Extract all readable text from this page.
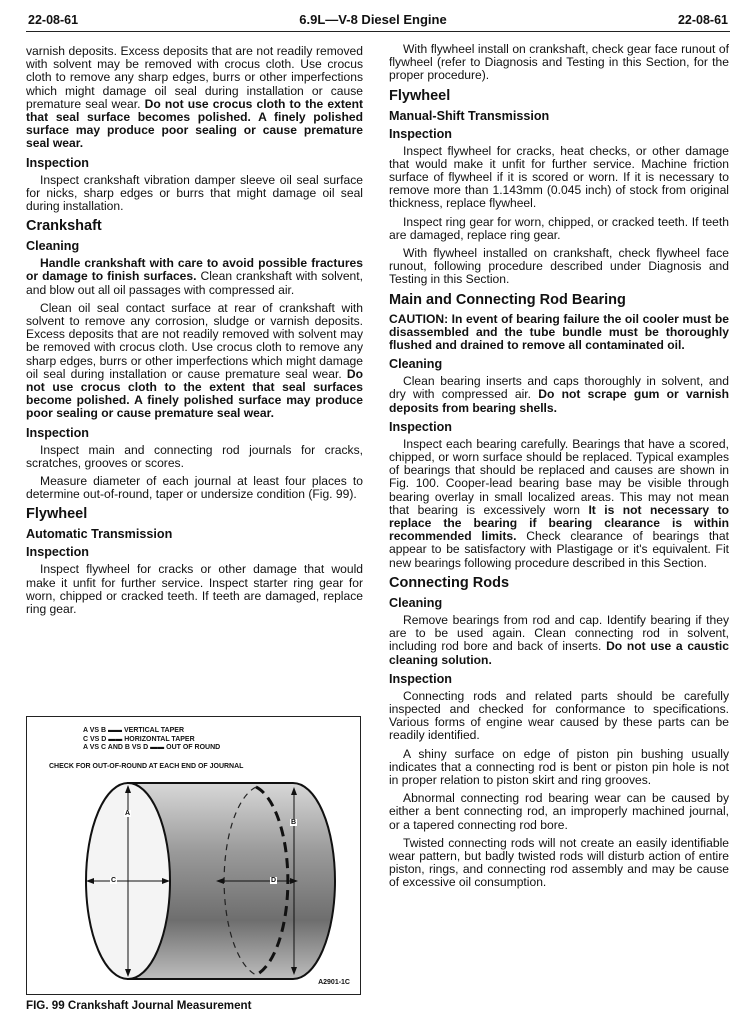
22-08-61	6.9L—V-8 Diesel Engine	22-08-61

varnish deposits. Excess deposits that are not readily removed with solvent may be removed with crocus cloth. Use crocus cloth to remove any sharp edges, burrs or other imperfections which might damage oil seal during installation or cause premature seal wear. Do not use crocus cloth to the extent that seal surface becomes polished. A finely polished surface may produce poor sealing or cause premature seal wear.

Inspection

Inspect crankshaft vibration damper sleeve oil seal surface for nicks, sharp edges or burrs that might damage oil seal during installation.

Crankshaft
Cleaning

Handle crankshaft with care to avoid possible fractures or damage to finish surfaces. Clean crankshaft with solvent, and blow out all oil passages with compressed air.

Clean oil seal contact surface at rear of crankshaft with solvent to remove any corrosion, sludge or varnish deposits. Excess deposits that are not readily removed with solvent may be removed with crocus cloth. Use crocus cloth to remove any sharp edges, burrs or other imperfections which might damage oil seal during installation or cause premature seal wear. Do not use crocus cloth to the extent that seal surfaces become polished. A finely polished surface may produce poor sealing or cause premature seal wear.

Inspection

Inspect main and connecting rod journals for cracks, scratches, grooves or scores.

Measure diameter of each journal at least four places to determine out-of-round, taper or undersize condition (Fig. 99).

Flywheel
Automatic Transmission
Inspection

Inspect flywheel for cracks or other damage that would make it unfit for further service. Inspect starter ring gear for worn, chipped or cracked teeth. If teeth are damaged, replace ring gear.

A VS B
▬▬
VERTICAL TAPER
C VS D
▬▬
HORIZONTAL TAPER
A VS C AND B VS D
▬▬
OUT OF ROUND
CHECK FOR OUT-OF-ROUND AT EACH END OF JOURNAL
A
B
C	D
A2901-1C
FIG. 99 Crankshaft Journal Measurement

With flywheel install on crankshaft, check gear face runout of flywheel (refer to Diagnosis and Testing in this Section, for the proper procedure).

Flywheel
Manual-Shift Transmission
Inspection

Inspect flywheel for cracks, heat checks, or other damage that would make it unfit for further service. Machine friction surface of flywheel if it is scored or worn. If it is necessary to remove more than 1.143mm (0.045 inch) of stock from original thickness, replace flywheel.

Inspect ring gear for worn, chipped, or cracked teeth. If teeth are damaged, replace ring gear.

With flywheel installed on crankshaft, check flywheel face runout, following procedure described under Diagnosis and Testing in this Section.

Main and Connecting Rod Bearing

CAUTION: In event of bearing failure the oil cooler must be disassembled and the tube bundle must be thoroughly flushed and drained to remove all contaminated oil.

Cleaning

Clean bearing inserts and caps thoroughly in solvent, and dry with compressed air. Do not scrape gum or varnish deposits from bearing shells.

Inspection

Inspect each bearing carefully. Bearings that have a scored, chipped, or worn surface should be replaced. Typical examples of bearings that should be replaced and causes are shown in Fig. 100. Cooper-lead bearing base may be visible through bearing overlay in small localized areas. This may not mean that bearing is excessively worn It is not necessary to replace the bearing if bearing clearance is within recommended limits. Check clearance of bearings that appear to be satisfactory with Plastigage or it's equivalent. Fit new bearings following procedure described in this Section.

Connecting Rods
Cleaning

Remove bearings from rod and cap. Identify bearing if they are to be used again. Clean connecting rod in solvent, including rod bore and back of inserts. Do not use a caustic cleaning solution.

Inspection

Connecting rods and related parts should be carefully inspected and checked for conformance to specifications. Various forms of engine wear caused by these parts can be readily identified.

A shiny surface on edge of piston pin bushing usually indicates that a connecting rod is bent or piston pin hole is not in proper relation to piston skirt and ring grooves.

Abnormal connecting rod bearing wear can be caused by either a bent connecting rod, an improperly machined journal, or a tapered connecting rod bore.

Twisted connecting rods will not create an easily identifiable wear pattern, but badly twisted rods will disturb action of entire piston, rings, and connecting rod assembly and may be cause of excessive oil consumption.
